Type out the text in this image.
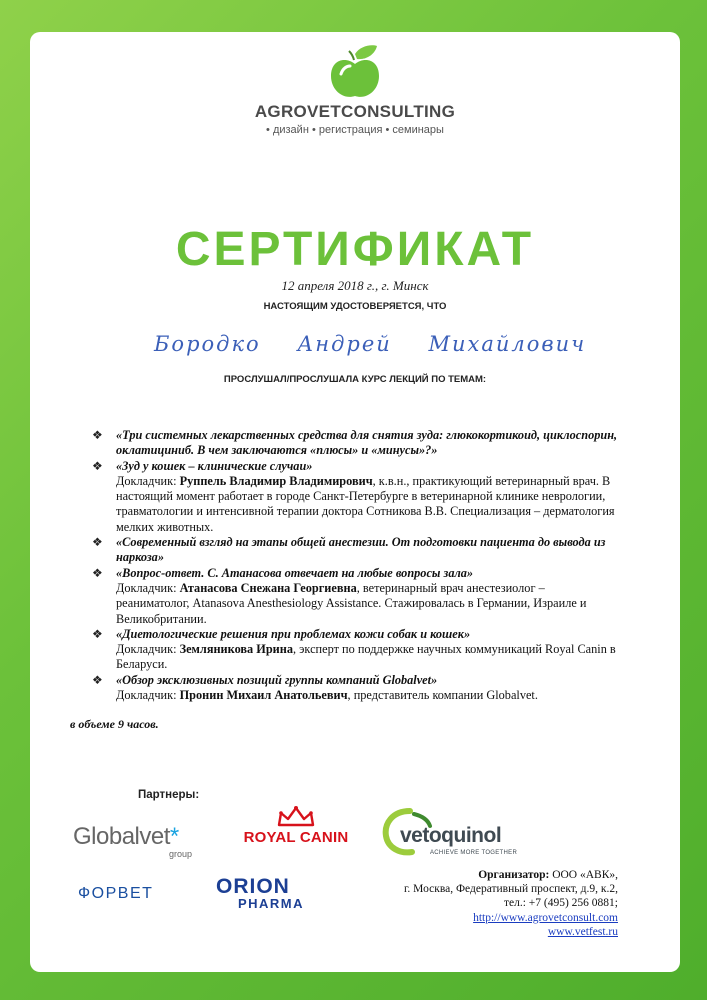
AGROVETCONSULTING
• дизайн • регистрация • семинары
СЕРТИФИКАТ
12 апреля 2018 г., г. Минск
НАСТОЯЩИМ УДОСТОВЕРЯЕТСЯ, ЧТО
Бородко Андрей Михайлович
ПРОСЛУШАЛ/ПРОСЛУШАЛА КУРС ЛЕКЦИЙ ПО ТЕМАМ:
❖ «Три системных лекарственных средства для снятия зуда: глюкокортикоид, циклоспорин, оклатициниб. В чем заключаются «плюсы» и «минусы»?»
❖ «Зуд у кошек – клинические случаи»
Докладчик: Руппель Владимир Владимирович, к.в.н., практикующий ветеринарный врач. В настоящий момент работает в городе Санкт-Петербурге в ветеринарной клинике неврологии, травматологии и интенсивной терапии доктора Сотникова В.В. Специализация – дерматология мелких животных.
❖ «Современный взгляд на этапы общей анестезии. От подготовки пациента до вывода из наркоза»
❖ «Вопрос-ответ. С. Атанасова отвечает на любые вопросы зала»
Докладчик: Атанасова Снежана Георгиевна, ветеринарный врач анестезиолог – реаниматолог, Atanasova Anesthesiology Assistance. Стажировалась в Германии, Израиле и Великобритании.
❖ «Диетологические решения при проблемах кожи собак и кошек»
Докладчик: Земляникова Ирина, эксперт по поддержке научных коммуникаций Royal Canin в Беларуси.
❖ «Обзор эксклюзивных позиций группы компаний Globalvet»
Докладчик: Пронин Михаил Анатольевич, представитель компании Globalvet.
в объеме 9 часов.
Партнеры:
Globalvet*
group
ROYAL CANIN	vetoquinol
ACHIEVE MORE TOGETHER
ФОРВЕТ	ORION
PHARMA
Организатор: ООО «АВК»,
г. Москва, Федеративный проспект, д.9, к.2,
тел.: +7 (495) 256 0881;
http://www.agrovetconsult.com
www.vetfest.ru
